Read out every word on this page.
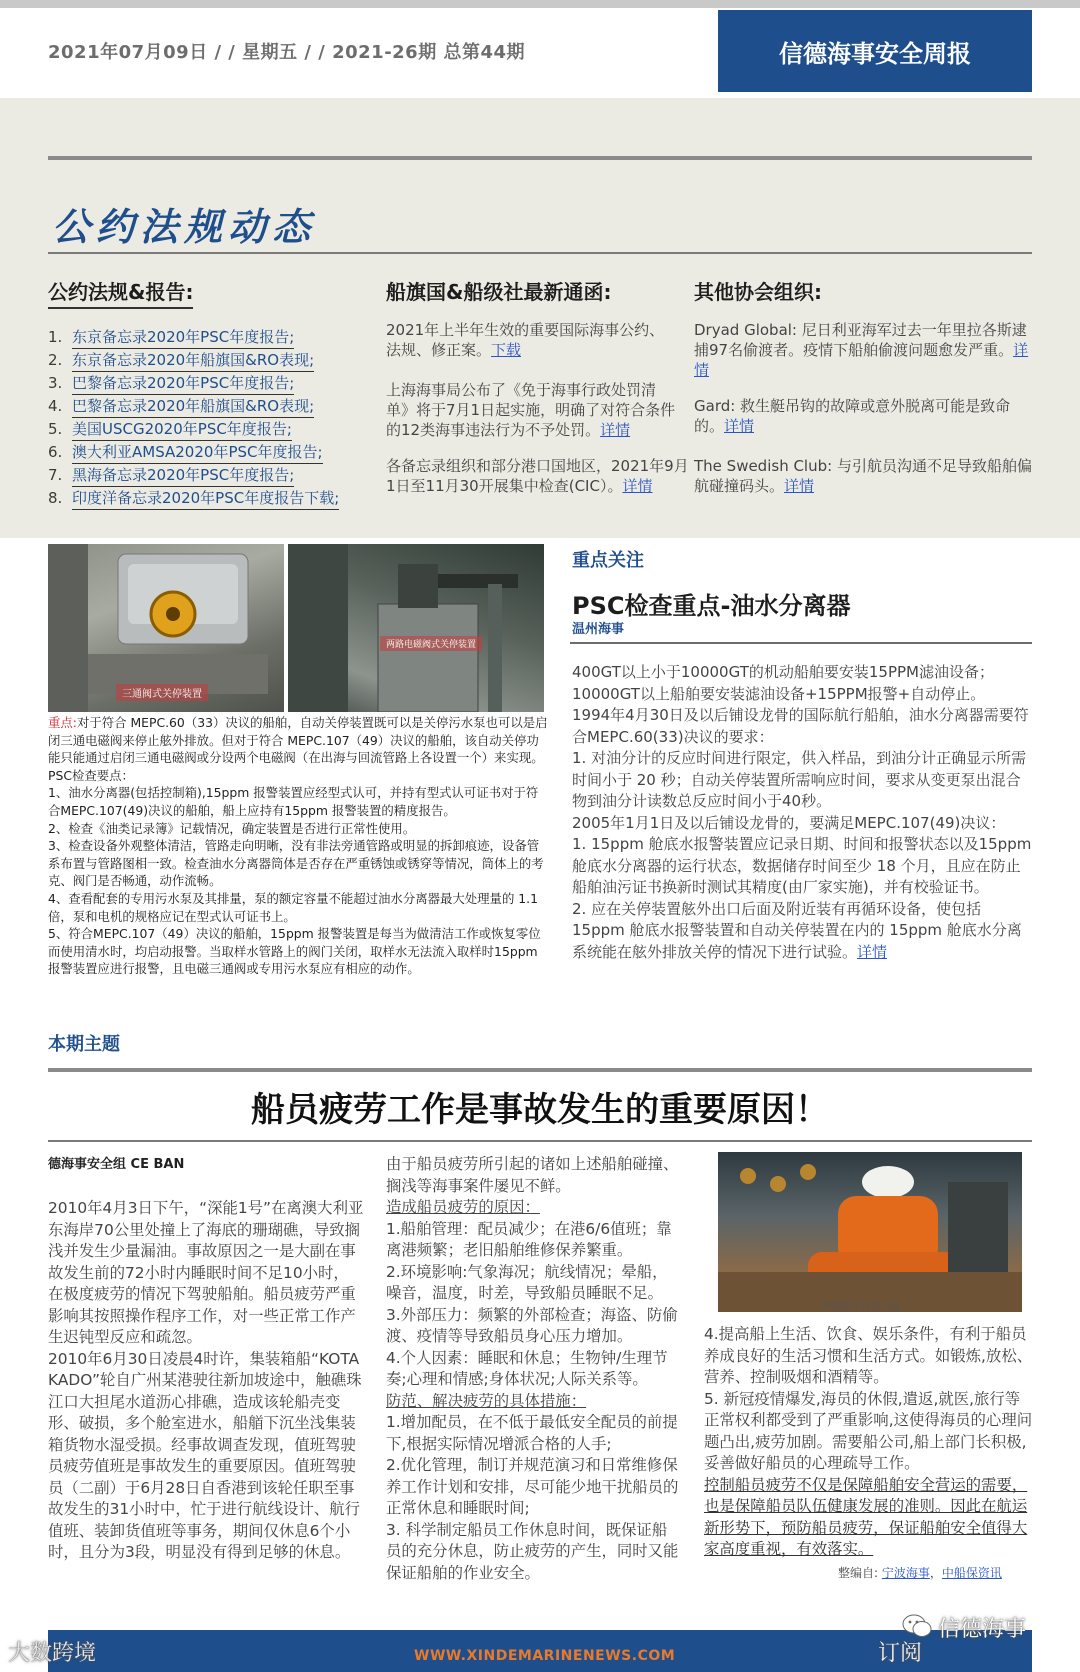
2021年07月09日 / / 星期五 / / 2021-26期 总第44期	信德海事安全周报
公约法规动态
公约法规&报告:
1. 东京备忘录2020年PSC年度报告;
2. 东京备忘录2020年船旗国&RO表现;
3. 巴黎备忘录2020年PSC年度报告;
4. 巴黎备忘录2020年船旗国&RO表现;
5. 美国USCG2020年PSC年度报告;
6. 澳大利亚AMSA2020年PSC年度报告;
7. 黑海备忘录2020年PSC年度报告;
8. 印度洋备忘录2020年PSC年度报告下载;
船旗国&船级社最新通函:
2021年上半年生效的重要国际海事公约、法规、修正案。下载
上海海事局公布了《免于海事行政处罚清单》将于7月1日起实施，明确了对符合条件的12类海事违法行为不予处罚。详情
各备忘录组织和部分港口国地区，2021年9月1日至11月30开展集中检查(CIC）。详情
其他协会组织:
Dryad Global: 尼日利亚海军过去一年里拉各斯逮捕97名偷渡者。疫情下船舶偷渡问题愈发严重。详情
Gard: 救生艇吊钩的故障或意外脱离可能是致命的。详情
The Swedish Club: 与引航员沟通不足导致船舶偏航碰撞码头。详情
三通阀式关停装置
两路电磁阀式关停装置
重点:对于符合 MEPC.60（33）决议的船舶，自动关停装置既可以是关停污水泵也可以是启闭三通电磁阀来停止舷外排放。但对于符合 MEPC.107（49）决议的船舶，该自动关停功能只能通过启闭三通电磁阀或分设两个电磁阀（在出海与回流管路上各设置一个）来实现。PSC检查要点：
1、油水分离器(包括控制箱),15ppm 报警装置应经型式认可，并持有型式认可证书对于符合MEPC.107(49)决议的船舶，船上应持有15ppm 报警装置的精度报告。
2、检查《油类记录簿》记载情况，确定装置是否进行正常性使用。
3、检查设备外观整体清洁，管路走向明晰，没有非法旁通管路或明显的拆卸痕迹，设备管系布置与管路图相一致。检查油水分离器筒体是否存在严重锈蚀或锈穿等情况，筒体上的考克、阀门是否畅通，动作流畅。
4、查看配套的专用污水泵及其排量，泵的额定容量不能超过油水分离器最大处理量的 1.1 倍，泵和电机的规格应记在型式认可证书上。
5、符合MEPC.107（49）决议的船舶，15ppm 报警装置是每当为做清洁工作或恢复零位而使用清水时，均启动报警。当取样水管路上的阀门关闭，取样水无法流入取样时15ppm 报警装置应进行报警，且电磁三通阀或专用污水泵应有相应的动作。
重点关注
PSC检查重点-油水分离器
温州海事
400GT以上小于10000GT的机动船舶要安装15PPM滤油设备；10000GT以上船舶要安装滤油设备+15PPM报警+自动停止。
1994年4月30日及以后铺设龙骨的国际航行船舶，油水分离器需要符合MEPC.60(33)决议的要求：
1. 对油分计的反应时间进行限定，供入样品，到油分计正确显示所需时间小于 20 秒；自动关停装置所需响应时间，要求从变更泵出混合物到油分计读数总反应时间小于40秒。
2005年1月1日及以后铺设龙骨的，要满足MEPC.107(49)决议：
1. 15ppm 舱底水报警装置应记录日期、时间和报警状态以及15ppm舱底水分离器的运行状态，数据储存时间至少 18 个月，且应在防止船舶油污证书换新时测试其精度(由厂家实施)，并有校验证书。
2. 应在关停装置舷外出口后面及附近装有再循环设备，使包括15ppm 舱底水报警装置和自动关停装置在内的 15ppm 舱底水分离系统能在舷外排放关停的情况下进行试验。详情
本期主题
船员疲劳工作是事故发生的重要原因！
德海事安全组 CE BAN
2010年4月3日下午，“深能1号”在离澳大利亚东海岸70公里处撞上了海底的珊瑚礁，导致搁浅并发生少量漏油。事故原因之一是大副在事故发生前的72小时内睡眠时间不足10小时，在极度疲劳的情况下驾驶船舶。船员疲劳严重影响其按照操作程序工作，对一些正常工作产生迟钝型反应和疏忽。
2010年6月30日凌晨4时许，集装箱船“KOTA KADO”轮自广州某港驶往新加坡途中，触礁珠江口大担尾水道沥心排礁，造成该轮船壳变形、破损，多个舱室进水，船艏下沉坐浅集装箱货物水湿受损。经事故调查发现，值班驾驶员疲劳值班是事故发生的重要原因。值班驾驶员（二副）于6月28日自香港到该轮任职至事故发生的31小时中，忙于进行航线设计、航行值班、装卸货值班等事务，期间仅休息6个小时，且分为3段，明显没有得到足够的休息。
由于船员疲劳所引起的诸如上述船舶碰撞、搁浅等海事案件屡见不鲜。
造成船员疲劳的原因：
1.船舶管理：配员减少；在港6/6值班；靠离港频繁；老旧船舶维修保养繁重。
2.环境影响:气象海况；航线情况；晕船，噪音，温度，时差，导致船员睡眠不足。
3.外部压力：频繁的外部检查；海盗、防偷渡、疫情等导致船员身心压力增加。
4.个人因素：睡眠和休息；生物钟/生理节奏;心理和情感;身体状况;人际关系等。
防范、解决疲劳的具体措施：
1.增加配员，在不低于最低安全配员的前提下,根据实际情况增派合格的人手;
2.优化管理，制订并规范演习和日常维修保养工作计划和安排，尽可能少地干扰船员的正常休息和睡眠时间;
3. 科学制定船员工作休息时间，既保证船员的充分休息，防止疲劳的产生，同时又能保证船舶的作业安全。
网络图片仅供示意
4.提高船上生活、饮食、娱乐条件，有利于船员养成良好的生活习惯和生活方式。如锻炼,放松、营养、控制吸烟和酒精等。
5. 新冠疫情爆发,海员的休假,遣返,就医,旅行等正常权利都受到了严重影响,这使得海员的心理问题凸出,疲劳加剧。需要船公司,船上部门长积极,妥善做好船员的心理疏导工作。
控制船员疲劳不仅是保障船舶安全营运的需要，也是保障船员队伍健康发展的准则。因此在航运新形势下，预防船员疲劳，保证船舶安全值得大家高度重视，有效落实。
整编自: 宁波海事，中船保资讯
WWW.XINDEMARINENEWS.COM
大数跨境	订阅
信德海事
